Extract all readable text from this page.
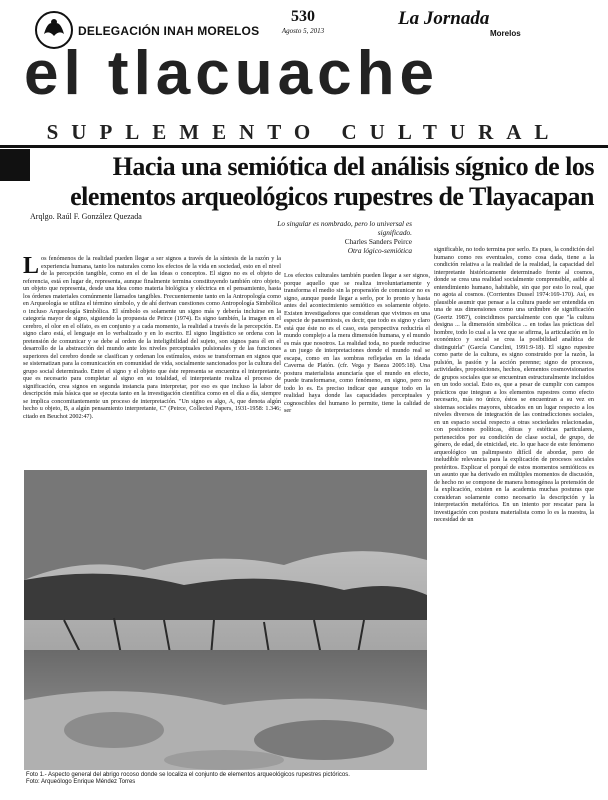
DELEGACIÓN INAH MORELOS
530
Agosto 5, 2013
La Jornada
Morelos
el tlacuache
SUPLEMENTO CULTURAL
Hacia una semiótica del análisis sígnico de los elementos arqueológicos rupestres de Tlayacapan
Arqlgo. Raúl F. González Quezada
Lo singular es nombrado, pero lo universal es significado.
Charles Sanders Peirce
Otra lógico-semiótica
Los fenómenos de la realidad pueden llegar a ser signos a través de la síntesis de la razón y la experiencia humana, tanto los naturales como los efectos de la vida en sociedad, esto en el nivel de la percepción tangible, como en el de las ideas o conceptos. El signo no es el objeto de referencia, está en lugar de, representa, aunque finalmente termina constituyendo también otro objeto, un objeto que representa, desde una idea como materia biológica y eléctrica en el pensamiento, hasta los órdenes materiales comúnmente llamados tangibles. Frecuentemente tanto en la Antropología como en Arqueología se utiliza el término símbolo, y de ahí derivan cuestiones como Antropología Simbólica o incluso Arqueología Simbólica. El símbolo es solamente un signo más y debería incluirse en la categoría mayor de signo, siguiendo la propuesta de Peirce (1974). Es signo también, la imagen en el cerebro, el olor en el olfato, es en conjunto y a cada momento, la realidad a través de la percepción. Es signo claro está, el lenguaje en lo verbalizado y en lo escrito. El signo lingüístico se ordena con la pretensión de comunicar y se debe al orden de la inteligibilidad del sujeto, son signos para él en el desarrollo de la abstracción del mundo ante los niveles perceptuales pulsionales y de las funciones superiores del cerebro donde se clasifican y ordenan los estímulos, estos se transforman en signos que se sistematizan para la comunicación en comunidad de vida, socialmente sancionados por la cultura del grupo social determinado. Entre el signo y el objeto que éste representa se encuentra el interpretante, que es necesario para completar al signo en su totalidad, el interpretante realiza el proceso de significación, crea signos en segunda instancia para interpretar, por eso es que incluso la labor de descripción más básica que se ejecuta tanto en la investigación científica como en el día a día, siempre se implica concomitantemente un proceso de interpretación. "Un signo es algo, A, que denota algún hecho u objeto, B, a algún pensamiento interpretante, C" (Peirce, Collected Papers, 1931-1958: 1.346; citado en Beuchot 2002:47).
Los efectos culturales también pueden llegar a ser signos, porque aquello que se realiza involuntariamente y transforma el medio sin la propensión de comunicar no es signo, aunque puede llegar a serlo, por lo pronto y hasta antes del acontecimiento semiótico es solamente objeto. Existen investigadores que consideran que vivimos en una especie de pansemiosis, es decir, que todo es signo y claro está que éste no es el caso, esta perspectiva reduciría el mundo complejo a la mera dimensión humana, y el mundo es más que nosotros. La realidad toda, no puede reducirse a un juego de interpretaciones donde el mundo real se escapa, como en las sombras reflejadas en la ideada Caverna de Platón. (cfr. Vega y Baeza 2005:18). Una postura materialista anunciaría que el mundo en efecto, puede transformarse, como fenómeno, en signo, pero no todo lo es. Es preciso indicar que aunque todo en la realidad haya donde las capacidades perceptuales y cognoscibles del humano lo permite, tiene la calidad de ser
significable, no todo termina por serlo. Es pues, la condición del humano como res eventuales, como cosa dada, tiene a la condición relativa a la realidad de la realidad, la capacidad del interpretante históricamente determinado frente al cosmos, donde se crea una realidad socialmente comprensible, asible al entendimiento humano, habitable, sin que por esto lo real, que no agota al cosmos. (Corrientes Dussel 1974:169-170). Así, es plausible asumir que pensar a la cultura puede ser entendida en una de sus dimensiones como una urdimbre de significación (Geertz 1987), coincidimos parcialmente con que "la cultura designa ... la dimensión simbólica ... en todas las prácticas del hombre, todo lo cual a la vez que se afirma, la articulación en lo económico y social se crea la posibilidad analítica de distinguirla" (García Canclini, 1991:9-18). El signo rupestre como parte de la cultura, es signo construido por la razón, la pulsión, la pasión y la acción perenne; signo de procesos, actividades, proposiciones, hechos, elementos cosmovisionarios de grupos sociales que se encuentran estructuralmente incluidos en un todo social. Esto es, que a pesar de cumplir con campos prácticos que integran a los elementos rupestres como efecto necesario, más no único, éstos se encuentran a su vez en sistemas sociales mayores, ubicados en un lugar respecto a los niveles diversos de integración de las contradicciones sociales, en un espacio social respecto a otras sociedades relacionadas, con posiciones políticas, éticas y estéticas particulares, pertenecidos por su condición de clase social, de grupo, de género, de edad, de etnicidad, etc. lo que hace de este fenómeno arqueológico un palimpsesto difícil de abordar, pero de ineludible relevancia para la explicación de procesos sociales pretéritos. Explicar el porqué de estos momentos semióticos es un asunto que ha derivado en múltiples momentos de discusión, de hecho no se compone de manera homogénea la pretensión de la explicación, existen en la academia muchas posturas que consideran solamente como necesario la descripción y la interpretación metafórica. En un intento por rescatar para la investigación con postura materialista como lo es la nuestra, la necesidad de un
Foto 1.- Aspecto general del abrigo rocoso donde se localiza el conjunto de elementos arqueológicos rupestres pictóricos.
Foto: Arqueólogo Enrique Méndez Torres
